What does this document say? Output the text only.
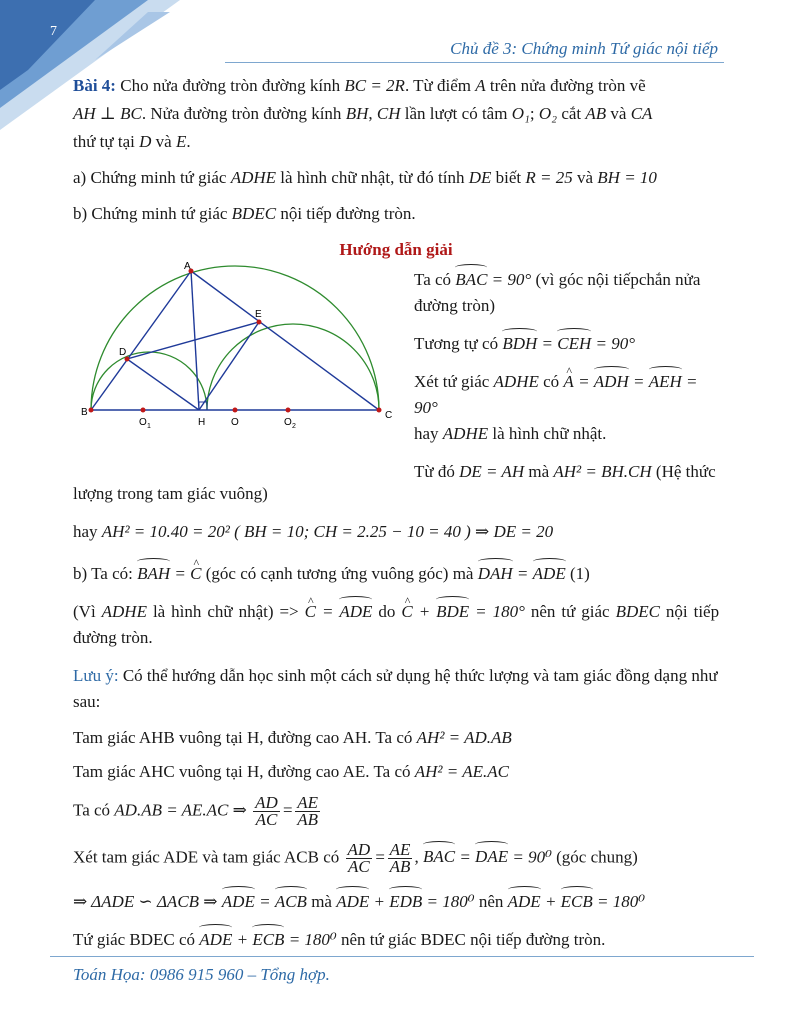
7
Chủ đề 3: Chứng minh Tứ giác nội tiếp

Bài 4: Cho nửa đường tròn đường kính BC = 2R. Từ điểm A trên nửa đường tròn vẽ

AH ⊥ BC. Nửa đường tròn đường kính BH, CH lần lượt có tâm O₁; O₂ cắt AB và CA

thứ tự tại D và E.

a) Chứng minh tứ giác ADHE là hình chữ nhật, từ đó tính DE biết R = 25 và BH = 10

b) Chứng minh tứ giác BDEC nội tiếp đường tròn.

Hướng dẫn giải

A
B	C
D
E
H	O
O 1	O 2

Ta có BAC = 90° (vì góc nội tiếpchắn nửa đường tròn)

Tương tự có BDH = CEH = 90°

Xét tứ giác ADHE có ^ A = ADH = AEH = 90°

hay ADHE là hình chữ nhật.

Từ đó DE = AH mà AH² = BH.CH (Hệ thức

lượng trong tam giác vuông)

hay AH² = 10.40 = 20² ( BH = 10; CH = 2.25 − 10 = 40 ) ⇒ DE = 20

b) Ta có: BAH = ^ C (góc có cạnh tương ứng vuông góc) mà DAH = ADE (1)

(Vì ADHE là hình chữ nhật) => ^ C = ADE do ^ C + BDE = 180° nên tứ giác BDEC nội tiếp đường tròn.

Lưu ý: Có thể hướng dẫn học sinh một cách sử dụng hệ thức lượng và tam giác đồng dạng như sau:

Tam giác AHB vuông tại H, đường cao AH. Ta có AH² = AD.AB

Tam giác AHC vuông tại H, đường cao AE. Ta có AH² = AE.AC

Ta có AD.AB = AE.AC ⇒ $\frac{AD}{AC} = \frac{AE}{AB}$

Xét tam giác ADE và tam giác ACB có $\frac{AD}{AC} = \frac{AE}{AB}$ , BAC = DAE = 90⁰ (góc chung)

⇒ ΔADE ∽ ΔACB ⇒ ADE = ACB mà ADE + EDB = 180⁰ nên ADE + ECB = 180⁰

Tứ giác BDEC có ADE + ECB = 180⁰ nên tứ giác BDEC nội tiếp đường tròn.

Toán Họa: 0986 915 960 – Tổng hợp.
